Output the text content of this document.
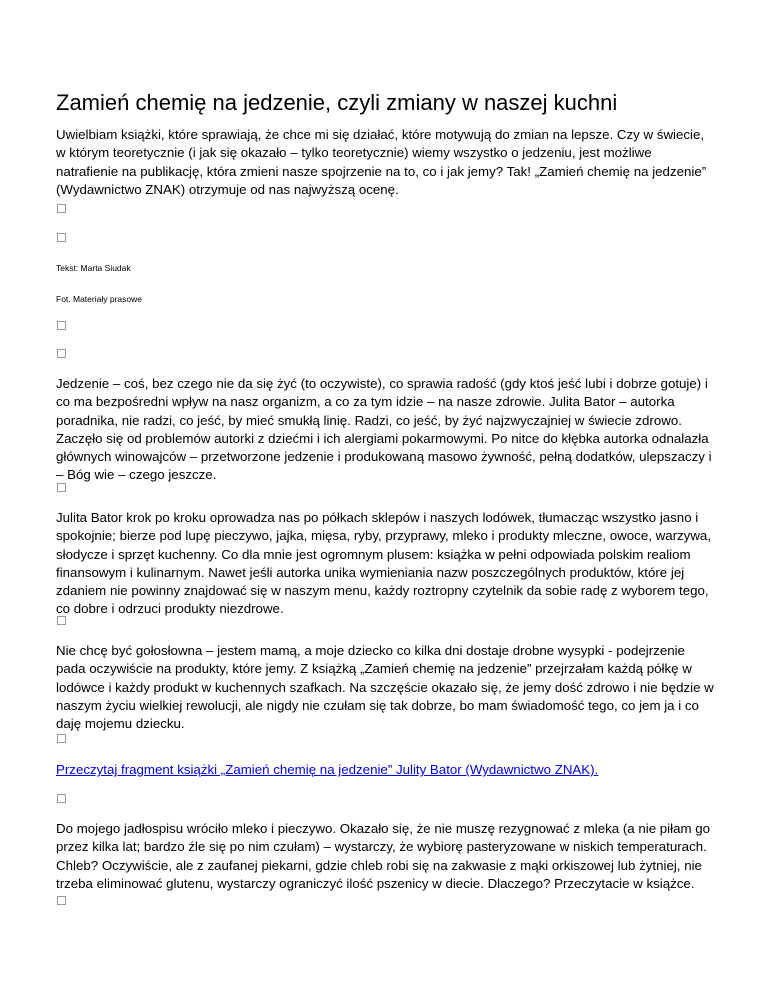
Zamień chemię na jedzenie, czyli zmiany w naszej kuchni

Uwielbiam książki, które sprawiają, że chce mi się działać, które motywują do zmian na lepsze. Czy w świecie, w którym teoretycznie (i jak się okazało – tylko teoretycznie) wiemy wszystko o jedzeniu, jest możliwe natrafienie na publikację, która zmieni nasze spojrzenie na to, co i jak jemy? Tak! „Zamień chemię na jedzenie” (Wydawnictwo ZNAK) otrzymuje od nas najwyższą ocenę.

Tekst: Marta Siudak
Fot. Materiały prasowe

Jedzenie – coś, bez czego nie da się żyć (to oczywiste), co sprawia radość (gdy ktoś jeść lubi i dobrze gotuje) i co ma bezpośredni wpływ na nasz organizm, a co za tym idzie – na nasze zdrowie. Julita Bator – autorka poradnika, nie radzi, co jeść, by mieć smukłą linię. Radzi, co jeść, by żyć najzwyczajniej w świecie zdrowo. Zaczęło się od problemów autorki z dziećmi i ich alergiami pokarmowymi. Po nitce do kłębka autorka odnalazła głównych winowajców – przetworzone jedzenie i produkowaną masowo żywność, pełną dodatków, ulepszaczy i – Bóg wie – czego jeszcze.

Julita Bator krok po kroku oprowadza nas po półkach sklepów i naszych lodówek, tłumacząc wszystko jasno i spokojnie; bierze pod lupę pieczywo, jajka, mięsa, ryby, przyprawy, mleko i produkty mleczne, owoce, warzywa, słodycze i sprzęt kuchenny. Co dla mnie jest ogromnym plusem: książka w pełni odpowiada polskim realiom finansowym i kulinarnym. Nawet jeśli autorka unika wymieniania nazw poszczególnych produktów, które jej zdaniem nie powinny znajdować się w naszym menu, każdy roztropny czytelnik da sobie radę z wyborem tego, co dobre i odrzuci produkty niezdrowe.

Nie chcę być gołosłowna – jestem mamą, a moje dziecko co kilka dni dostaje drobne wysypki - podejrzenie pada oczywiście na produkty, które jemy. Z książką „Zamień chemię na jedzenie” przejrzałam każdą półkę w lodówce i każdy produkt w kuchennych szafkach. Na szczęście okazało się, że jemy dość zdrowo i nie będzie w naszym życiu wielkiej rewolucji, ale nigdy nie czułam się tak dobrze, bo mam świadomość tego, co jem ja i co daję mojemu dziecku.

Przeczytaj fragment książki „Zamień chemię na jedzenie” Julity Bator (Wydawnictwo ZNAK).

Do mojego jadłospisu wróciło mleko i pieczywo. Okazało się, że nie muszę rezygnować z mleka (a nie piłam go przez kilka lat; bardzo źle się po nim czułam) – wystarczy, że wybiorę pasteryzowane w niskich temperaturach. Chleb? Oczywiście, ale z zaufanej piekarni, gdzie chleb robi się na zakwasie z mąki orkiszowej lub żytniej, nie trzeba eliminować glutenu, wystarczy ograniczyć ilość pszenicy w diecie. Dlaczego? Przeczytacie w książce.
